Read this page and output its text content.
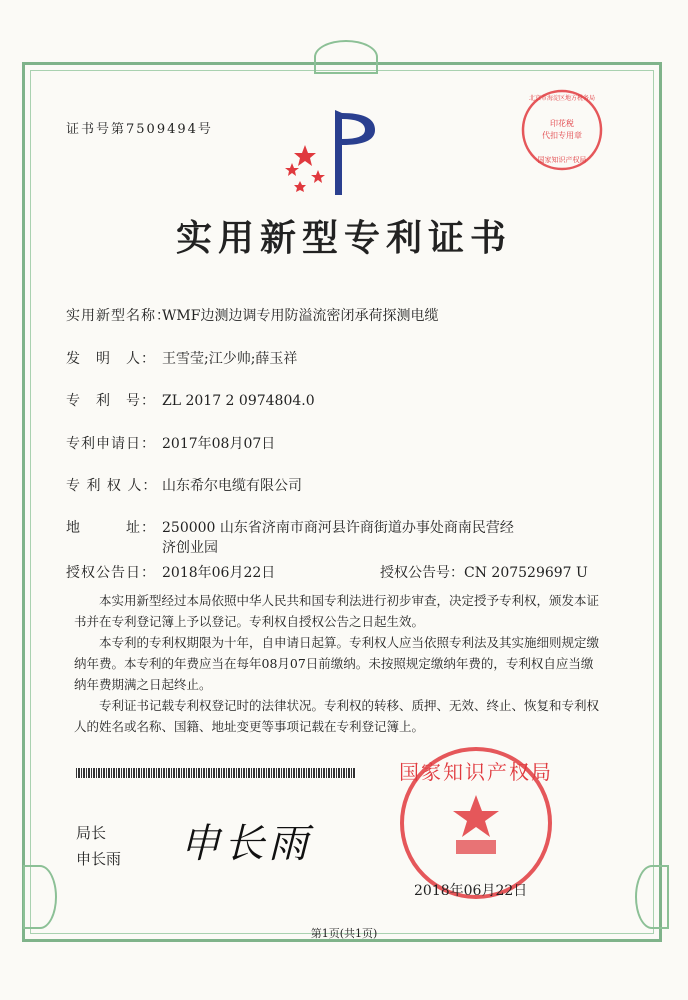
证书号第7509494号
北京市海淀区地方税务局
印花税
代扣专用章
国家知识产权局
实用新型专利证书
实用新型名称：WMF边测边调专用防溢流密闭承荷探测电缆
发　明　人： 王雪莹;江少帅;薛玉祥
专　利　号： ZL 2017 2 0974804.0
专利申请日： 2017年08月07日
专 利 权 人： 山东希尔电缆有限公司
地　　　址： 250000 山东省济南市商河县许商街道办事处商南民营经
济创业园
授权公告日： 2018年06月22日	授权公告号：CN 207529697 U

本实用新型经过本局依照中华人民共和国专利法进行初步审查，决定授予专利权，颁发本证书并在专利登记簿上予以登记。专利权自授权公告之日起生效。

本专利的专利权期限为十年，自申请日起算。专利权人应当依照专利法及其实施细则规定缴纳年费。本专利的年费应当在每年08月07日前缴纳。未按照规定缴纳年费的，专利权自应当缴纳年费期满之日起终止。

专利证书记载专利权登记时的法律状况。专利权的转移、质押、无效、终止、恢复和专利权人的姓名或名称、国籍、地址变更等事项记载在专利登记簿上。

局长
申长雨 申长雨
国家知识产权局
2018年06月22日
第1页(共1页)
